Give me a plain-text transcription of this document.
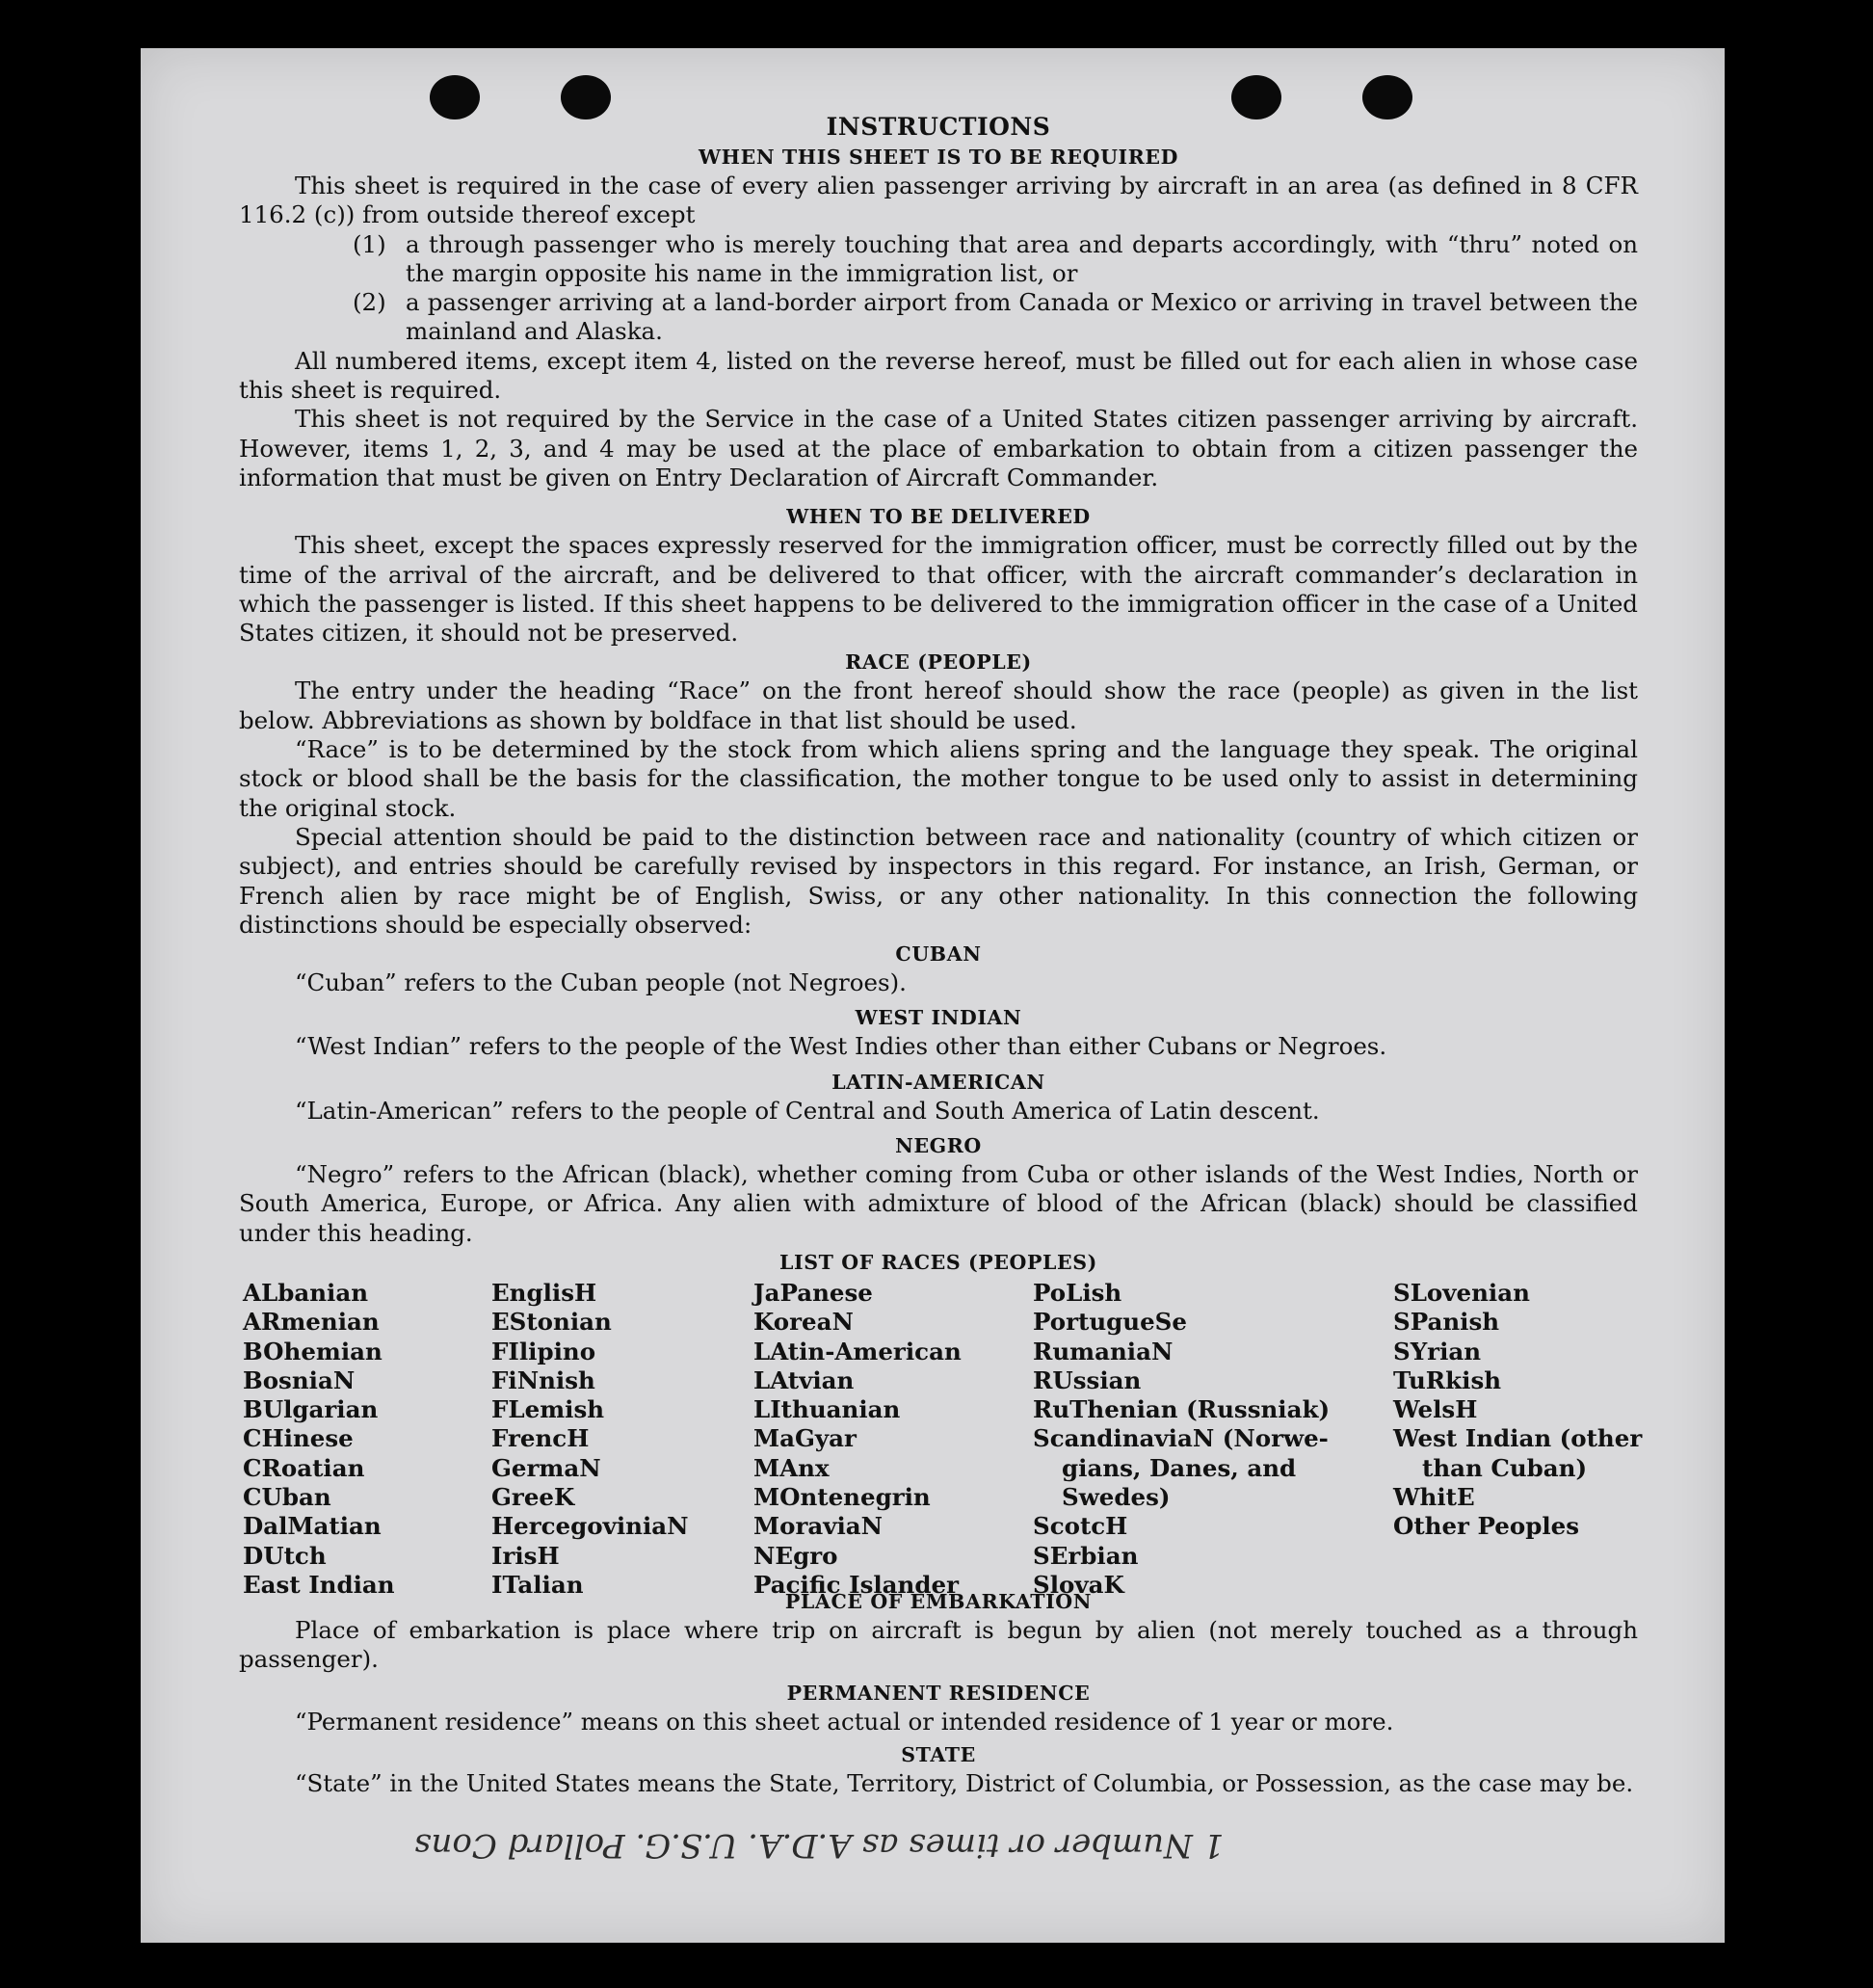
INSTRUCTIONS
WHEN THIS SHEET IS TO BE REQUIRED

This sheet is required in the case of every alien passenger arriving by aircraft in an area (as defined in 8 CFR 116.2 (c)) from outside thereof except

(1) a through passenger who is merely touching that area and departs accordingly, with “thru” noted on the margin opposite his name in the immigration list, or
(2) a passenger arriving at a land-border airport from Canada or Mexico or arriving in travel between the mainland and Alaska.

All numbered items, except item 4, listed on the reverse hereof, must be filled out for each alien in whose case this sheet is required.

This sheet is not required by the Service in the case of a United States citizen passenger arriving by aircraft. However, items 1, 2, 3, and 4 may be used at the place of embarkation to obtain from a citizen passenger the information that must be given on Entry Declaration of Aircraft Commander.

WHEN TO BE DELIVERED

This sheet, except the spaces expressly reserved for the immigration officer, must be correctly filled out by the time of the arrival of the aircraft, and be delivered to that officer, with the aircraft commander’s declaration in which the passenger is listed. If this sheet happens to be delivered to the immigration officer in the case of a United States citizen, it should not be preserved.

RACE (PEOPLE)

The entry under the heading “Race” on the front hereof should show the race (people) as given in the list below. Abbreviations as shown by boldface in that list should be used.

“Race” is to be determined by the stock from which aliens spring and the language they speak. The original stock or blood shall be the basis for the classification, the mother tongue to be used only to assist in determining the original stock.

Special attention should be paid to the distinction between race and nationality (country of which citizen or subject), and entries should be carefully revised by inspectors in this regard. For instance, an Irish, German, or French alien by race might be of English, Swiss, or any other nationality. In this connection the following distinctions should be especially observed:

CUBAN

“Cuban” refers to the Cuban people (not Negroes).

WEST INDIAN

“West Indian” refers to the people of the West Indies other than either Cubans or Negroes.

LATIN-AMERICAN

“Latin-American” refers to the people of Central and South America of Latin descent.

NEGRO

“Negro” refers to the African (black), whether coming from Cuba or other islands of the West Indies, North or South America, Europe, or Africa. Any alien with admixture of blood of the African (black) should be classified under this heading.

LIST OF RACES (PEOPLES)
ALbanian
ARmenian
BOhemian
BosniaN
BUlgarian
CHinese
CRoatian
CUban
DalMatian
DUtch
East Indian
EnglisH
EStonian
FIlipino
FiNnish
FLemish
FrencH
GermaN
GreeK
HercegoviniaN
IrisH
ITalian
JaPanese
KoreaN
LAtin-American
LAtvian
LIthuanian
MaGyar
MAnx
MOntenegrin
MoraviaN
NEgro
Pacific Islander
PoLish
PortugueSe
RumaniaN
RUssian
RuThenian (Russniak)
ScandinaviaN (Norwe-
gians, Danes, and
Swedes)
ScotcH
SErbian
SlovaK
SLovenian
SPanish
SYrian
TuRkish
WelsH
West Indian (other
than Cuban)
WhitE
Other Peoples
PLACE OF EMBARKATION

Place of embarkation is place where trip on aircraft is begun by alien (not merely touched as a through passenger).

PERMANENT RESIDENCE

“Permanent residence” means on this sheet actual or intended residence of 1 year or more.

STATE

“State” in the United States means the State, Territory, District of Columbia, or Possession, as the case may be.

1 Number or times as A.D.A. U.S.G. Pollard Cons
